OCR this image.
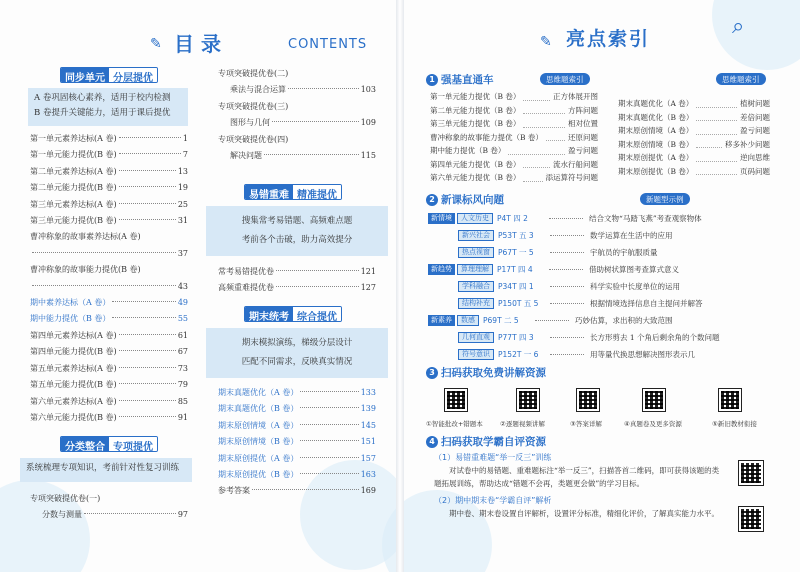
✎ 目 录	CONTENTS
同步单元 分层提优
A 卷巩固核心素养，适用于校内检测
B 卷提升关键能力，适用于课后提优
第一单元素养达标(A 卷)	1
第一单元能力提优(B 卷)	7
第二单元素养达标(A 卷)	13
第二单元能力提优(B 卷)	19
第三单元素养达标(A 卷)	25
第三单元能力提优(B 卷)	31
曹冲称象的故事素养达标(A 卷)
37
曹冲称象的故事能力提优(B 卷)
43
期中素养达标（A 卷）	49
期中能力提优（B 卷）	55
第四单元素养达标(A 卷)	61
第四单元能力提优(B 卷)	67
第五单元素养达标(A 卷)	73
第五单元能力提优(B 卷)	79
第六单元素养达标(A 卷)	85
第六单元能力提优(B 卷)	91
分类整合 专项提优
系统梳理专项知识，考前针对性复习训练
专项突破提优卷(一)
分数与测量	97
专项突破提优卷(二)
乘法与混合运算	103
专项突破提优卷(三)
图形与几何	109
专项突破提优卷(四)
解决问题	115
易错重难 精准提优
搜集常考易错题、高频难点题
考前各个击破，助力高效提分
常考易错提优卷	121
高频重难提优卷	127
期末统考 综合提优
期末模拟演练，梯级分层设计
匹配不同需求，反映真实情况
期末真题优化（A 卷）	133
期末真题优化（B 卷）	139
期末原创情境（A 卷）	145
期末原创情境（B 卷）	151
期末原创提优（A 卷）	157
期末原创提优（B 卷）	163
参考答案	169
✎ 亮点索引	⌕
1 强基直通车	思维题索引	思维题索引
第一单元能力提优（B 卷）	正方体展开图
第二单元能力提优（B 卷）	方阵问题
第三单元能力提优（B 卷）	相对位置
曹冲称象的故事能力提优（B 卷）	还原问题
期中能力提优（B 卷）	盈亏问题
第四单元能力提优（B 卷）	流水行船问题
第六单元能力提优（B 卷）	添运算符号问题
期末真题优化（A 卷）	植树问题
期末真题优化（B 卷）	差倍问题
期末原创情境（A 卷）	盈亏问题
期末原创情境（B 卷）	移多补少问题
期末原创提优（A 卷）	逆向思维
期末原创提优（B 卷）	页码问题
2 新课标风向题	新题型示例
新情境	人文历史	P4T 四 2	结合文物“马踏飞燕”考查观察物体
新兴社会	P53T 五 3	数学运算在生活中的应用
热点视窗	P67T 一 5	宇航员的宇航服质量
新趋势	算理理解	P17T 四 4	借助树状算图考查算式意义
学科融合	P34T 四 1	科学实验中长度单位的运用
结构补充	P150T 五 5	根据情境选择信息自主提问并解答
新素养	数感	P69T 二 5	巧妙估算，求出积的大致范围
几何直观	P77T 四 3	长方形剪去 1 个角后剩余角的个数问题
符号意识	P152T 一 6	用等量代换思想解决图形表示几
3 扫码获取免费讲解资源
①智能批改+错题本	②逐题视频讲解	③答案详解	④真题卷及更多资源	⑤新旧教材衔接
4 扫码获取学霸自评资源
（1）易错重难题“举一反三”训练
对试卷中的易错题、重难题标注“举一反三”，扫描答首二维码，即可获得该题的类题拓展训练，帮助达成“错题不会再，类题更会做”的学习目标。
（2）期中期末卷“学霸自评”解析
期中卷、期末卷设置自评解析，设置评分标准，精细化评价，了解真实能力水平。
